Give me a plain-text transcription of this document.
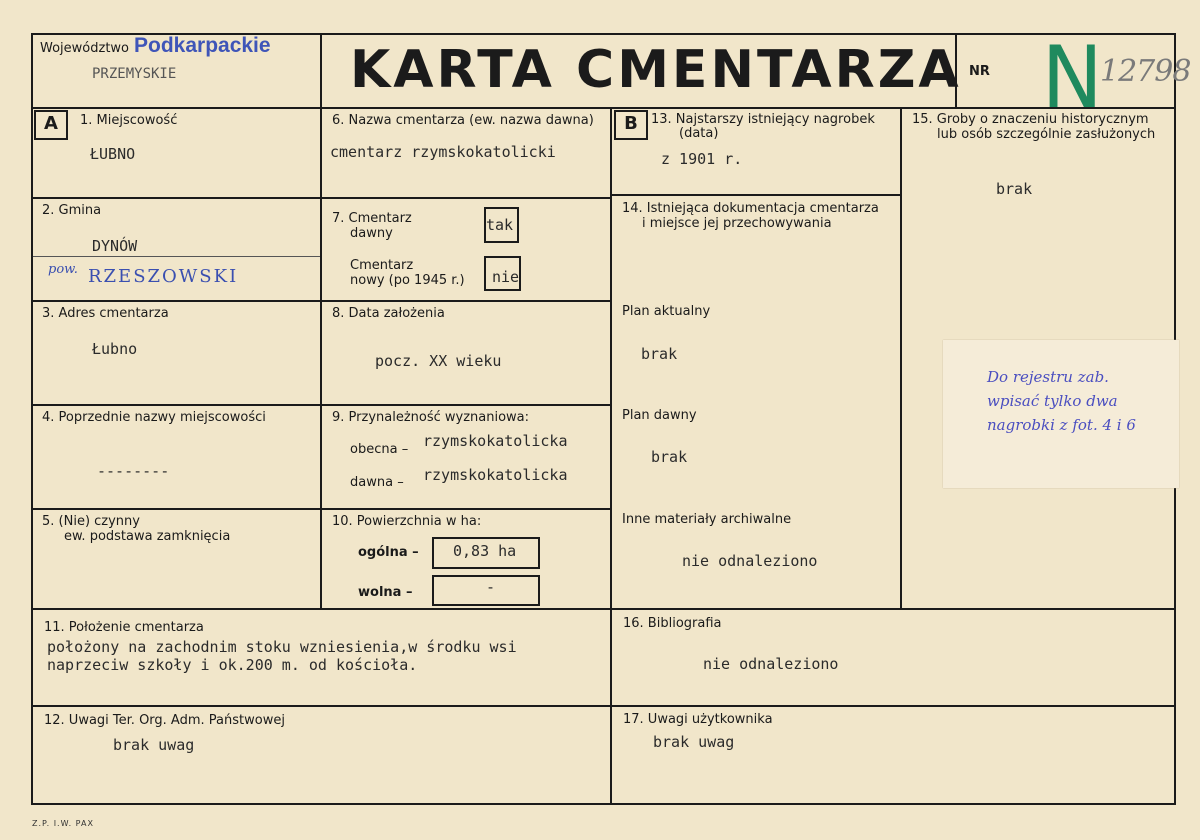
Województwo Podkarpackie
PRZEMYSKIE	KARTA CMENTARZA NR N
12798
A	B
1. Miejscowość
ŁUBNO
2. Gmina
DYNÓW
pow. RZESZOWSKI
3. Adres cmentarza
Łubno
4. Poprzednie nazwy miejscowości
--------
5. (Nie) czynny
ew. podstawa zamknięcia
6. Nazwa cmentarza (ew. nazwa dawna)
cmentarz rzymskokatolicki
7. Cmentarz
dawny	tak
Cmentarz
nowy (po 1945 r.) nie
8. Data założenia
pocz. XX wieku
9. Przynależność wyznaniowa:
obecna – rzymskokatolicka
dawna – rzymskokatolicka
10. Powierzchnia w ha:
ogólna – 0,83 ha
wolna –	-
11. Położenie cmentarza
położony na zachodnim stoku wzniesienia,w środku wsi
naprzeciw szkoły i ok.200 m. od kościoła.
12. Uwagi Ter. Org. Adm. Państwowej
brak uwag
13. Najstarszy istniejący nagrobek
(data)
z 1901 r.
14. Istniejąca dokumentacja cmentarza
i miejsce jej przechowywania
Plan aktualny
brak
Plan dawny
brak
Inne materiały archiwalne
nie odnaleziono
15. Groby o znaczeniu historycznym
lub osób szczególnie zasłużonych
brak
16. Bibliografia
nie odnaleziono
17. Uwagi użytkownika
brak uwag
Do rejestru zab.
wpisać tylko dwa
nagrobki z fot. 4 i 6
Z.P. I.W. PAX
